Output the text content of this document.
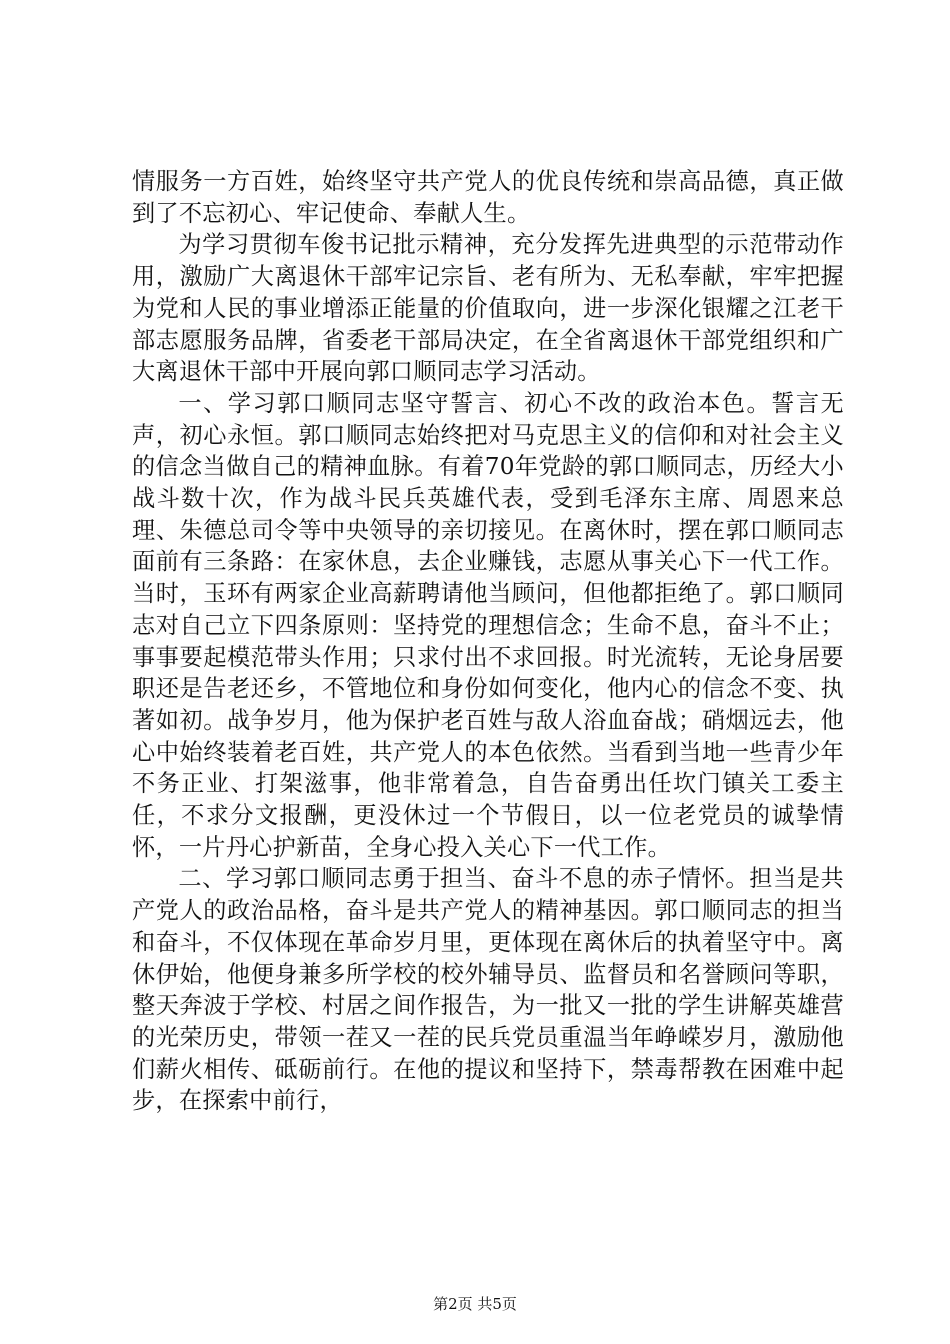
情服务一方百姓，始终坚守共产党人的优良传统和崇高品德，真正做到了不忘初心、牢记使命、奉献人生。

为学习贯彻车俊书记批示精神，充分发挥先进典型的示范带动作用，激励广大离退休干部牢记宗旨、老有所为、无私奉献，牢牢把握为党和人民的事业增添正能量的价值取向，进一步深化银耀之江老干部志愿服务品牌，省委老干部局决定，在全省离退休干部党组织和广大离退休干部中开展向郭口顺同志学习活动。

一、学习郭口顺同志坚守誓言、初心不改的政治本色。誓言无声，初心永恒。郭口顺同志始终把对马克思主义的信仰和对社会主义的信念当做自己的精神血脉。有着70年党龄的郭口顺同志，历经大小战斗数十次，作为战斗民兵英雄代表，受到毛泽东主席、周恩来总理、朱德总司令等中央领导的亲切接见。在离休时，摆在郭口顺同志面前有三条路：在家休息，去企业赚钱，志愿从事关心下一代工作。当时，玉环有两家企业高薪聘请他当顾问，但他都拒绝了。郭口顺同志对自己立下四条原则：坚持党的理想信念；生命不息，奋斗不止；事事要起模范带头作用；只求付出不求回报。时光流转，无论身居要职还是告老还乡，不管地位和身份如何变化，他内心的信念不变、执著如初。战争岁月，他为保护老百姓与敌人浴血奋战；硝烟远去，他心中始终装着老百姓，共产党人的本色依然。当看到当地一些青少年不务正业、打架滋事，他非常着急，自告奋勇出任坎门镇关工委主任，不求分文报酬，更没休过一个节假日，以一位老党员的诚挚情怀，一片丹心护新苗，全身心投入关心下一代工作。

二、学习郭口顺同志勇于担当、奋斗不息的赤子情怀。担当是共产党人的政治品格，奋斗是共产党人的精神基因。郭口顺同志的担当和奋斗，不仅体现在革命岁月里，更体现在离休后的执着坚守中。离休伊始，他便身兼多所学校的校外辅导员、监督员和名誉顾问等职，整天奔波于学校、村居之间作报告，为一批又一批的学生讲解英雄营的光荣历史，带领一茬又一茬的民兵党员重温当年峥嵘岁月，激励他们薪火相传、砥砺前行。在他的提议和坚持下，禁毒帮教在困难中起步，在探索中前行，

第2页 共5页
